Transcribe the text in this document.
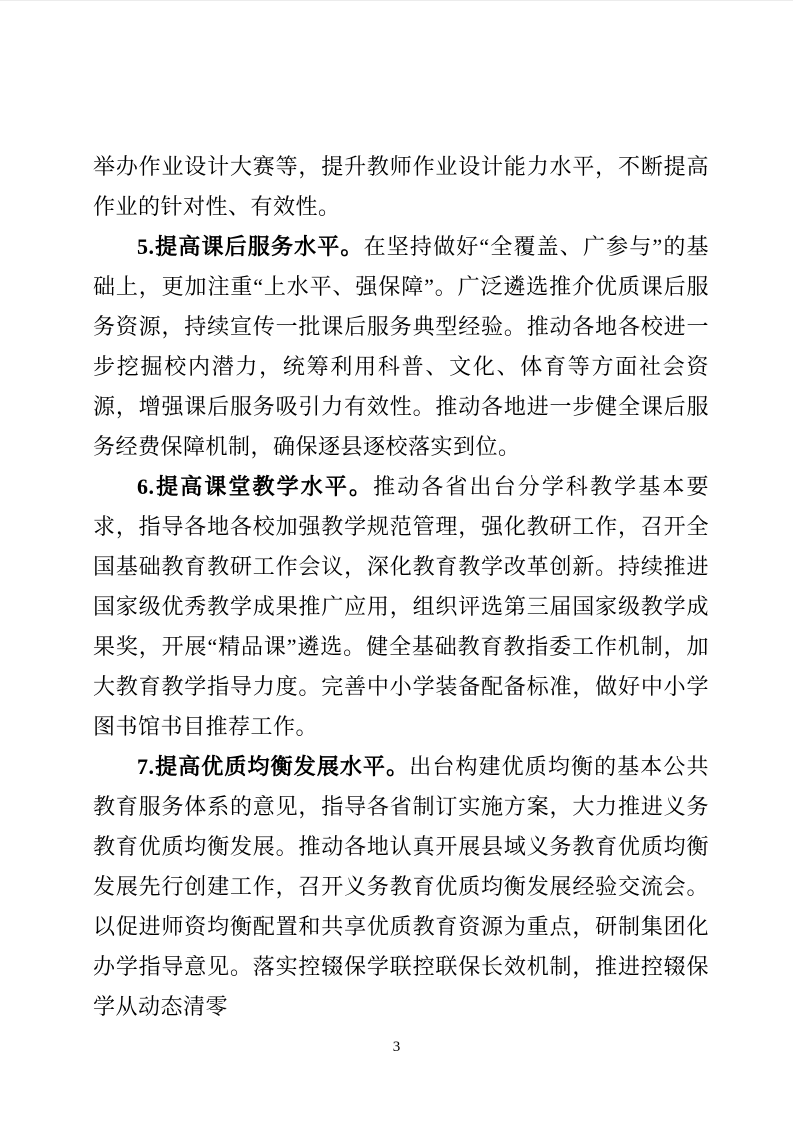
举办作业设计大赛等，提升教师作业设计能力水平，不断提高作业的针对性、有效性。

5.提高课后服务水平。在坚持做好“全覆盖、广参与”的基础上，更加注重“上水平、强保障”。广泛遴选推介优质课后服务资源，持续宣传一批课后服务典型经验。推动各地各校进一步挖掘校内潜力，统筹利用科普、文化、体育等方面社会资源，增强课后服务吸引力有效性。推动各地进一步健全课后服务经费保障机制，确保逐县逐校落实到位。

6.提高课堂教学水平。推动各省出台分学科教学基本要求，指导各地各校加强教学规范管理，强化教研工作，召开全国基础教育教研工作会议，深化教育教学改革创新。持续推进国家级优秀教学成果推广应用，组织评选第三届国家级教学成果奖，开展“精品课”遴选。健全基础教育教指委工作机制，加大教育教学指导力度。完善中小学装备配备标准，做好中小学图书馆书目推荐工作。

7.提高优质均衡发展水平。出台构建优质均衡的基本公共教育服务体系的意见，指导各省制订实施方案，大力推进义务教育优质均衡发展。推动各地认真开展县域义务教育优质均衡发展先行创建工作，召开义务教育优质均衡发展经验交流会。以促进师资均衡配置和共享优质教育资源为重点，研制集团化办学指导意见。落实控辍保学联控联保长效机制，推进控辍保学从动态清零

3
